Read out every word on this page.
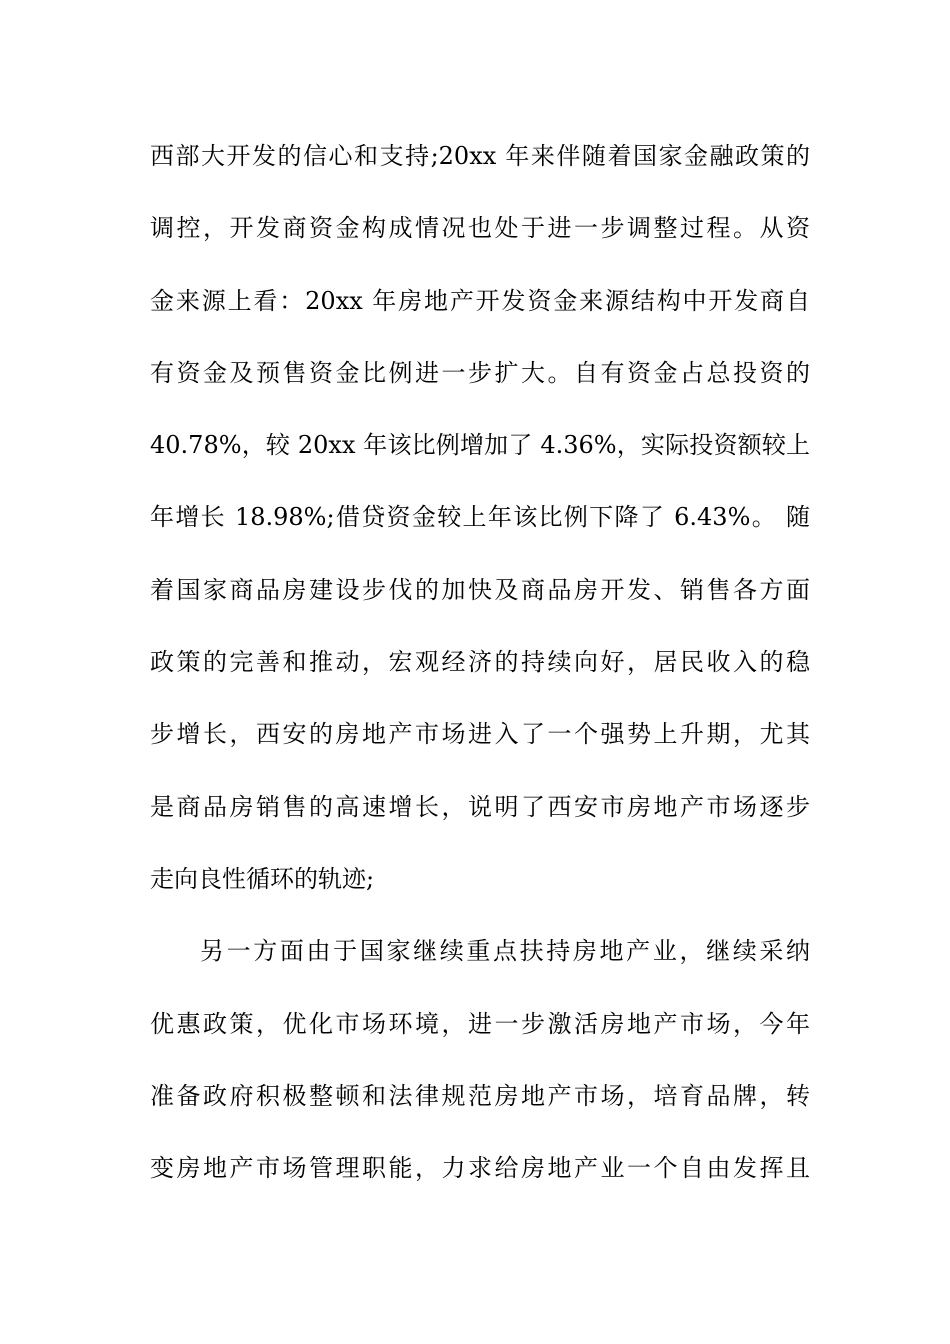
西部大开发的信心和支持;20xx 年来伴随着国家金融政策的
调控，开发商资金构成情况也处于进一步调整过程。从资
金来源上看：20xx 年房地产开发资金来源结构中开发商自
有资金及预售资金比例进一步扩大。自有资金占总投资的
40.78%，较 20xx 年该比例增加了 4.36%，实际投资额较上
年增长 18.98%;借贷资金较上年该比例下降了 6.43%。 随
着国家商品房建设步伐的加快及商品房开发、销售各方面
政策的完善和推动，宏观经济的持续向好，居民收入的稳
步增长，西安的房地产市场进入了一个强势上升期，尤其
是商品房销售的高速增长，说明了西安市房地产市场逐步
走向良性循环的轨迹;
另一方面由于国家继续重点扶持房地产业，继续采纳
优惠政策，优化市场环境，进一步激活房地产市场，今年
准备政府积极整顿和法律规范房地产市场，培育品牌，转
变房地产市场管理职能，力求给房地产业一个自由发挥且
